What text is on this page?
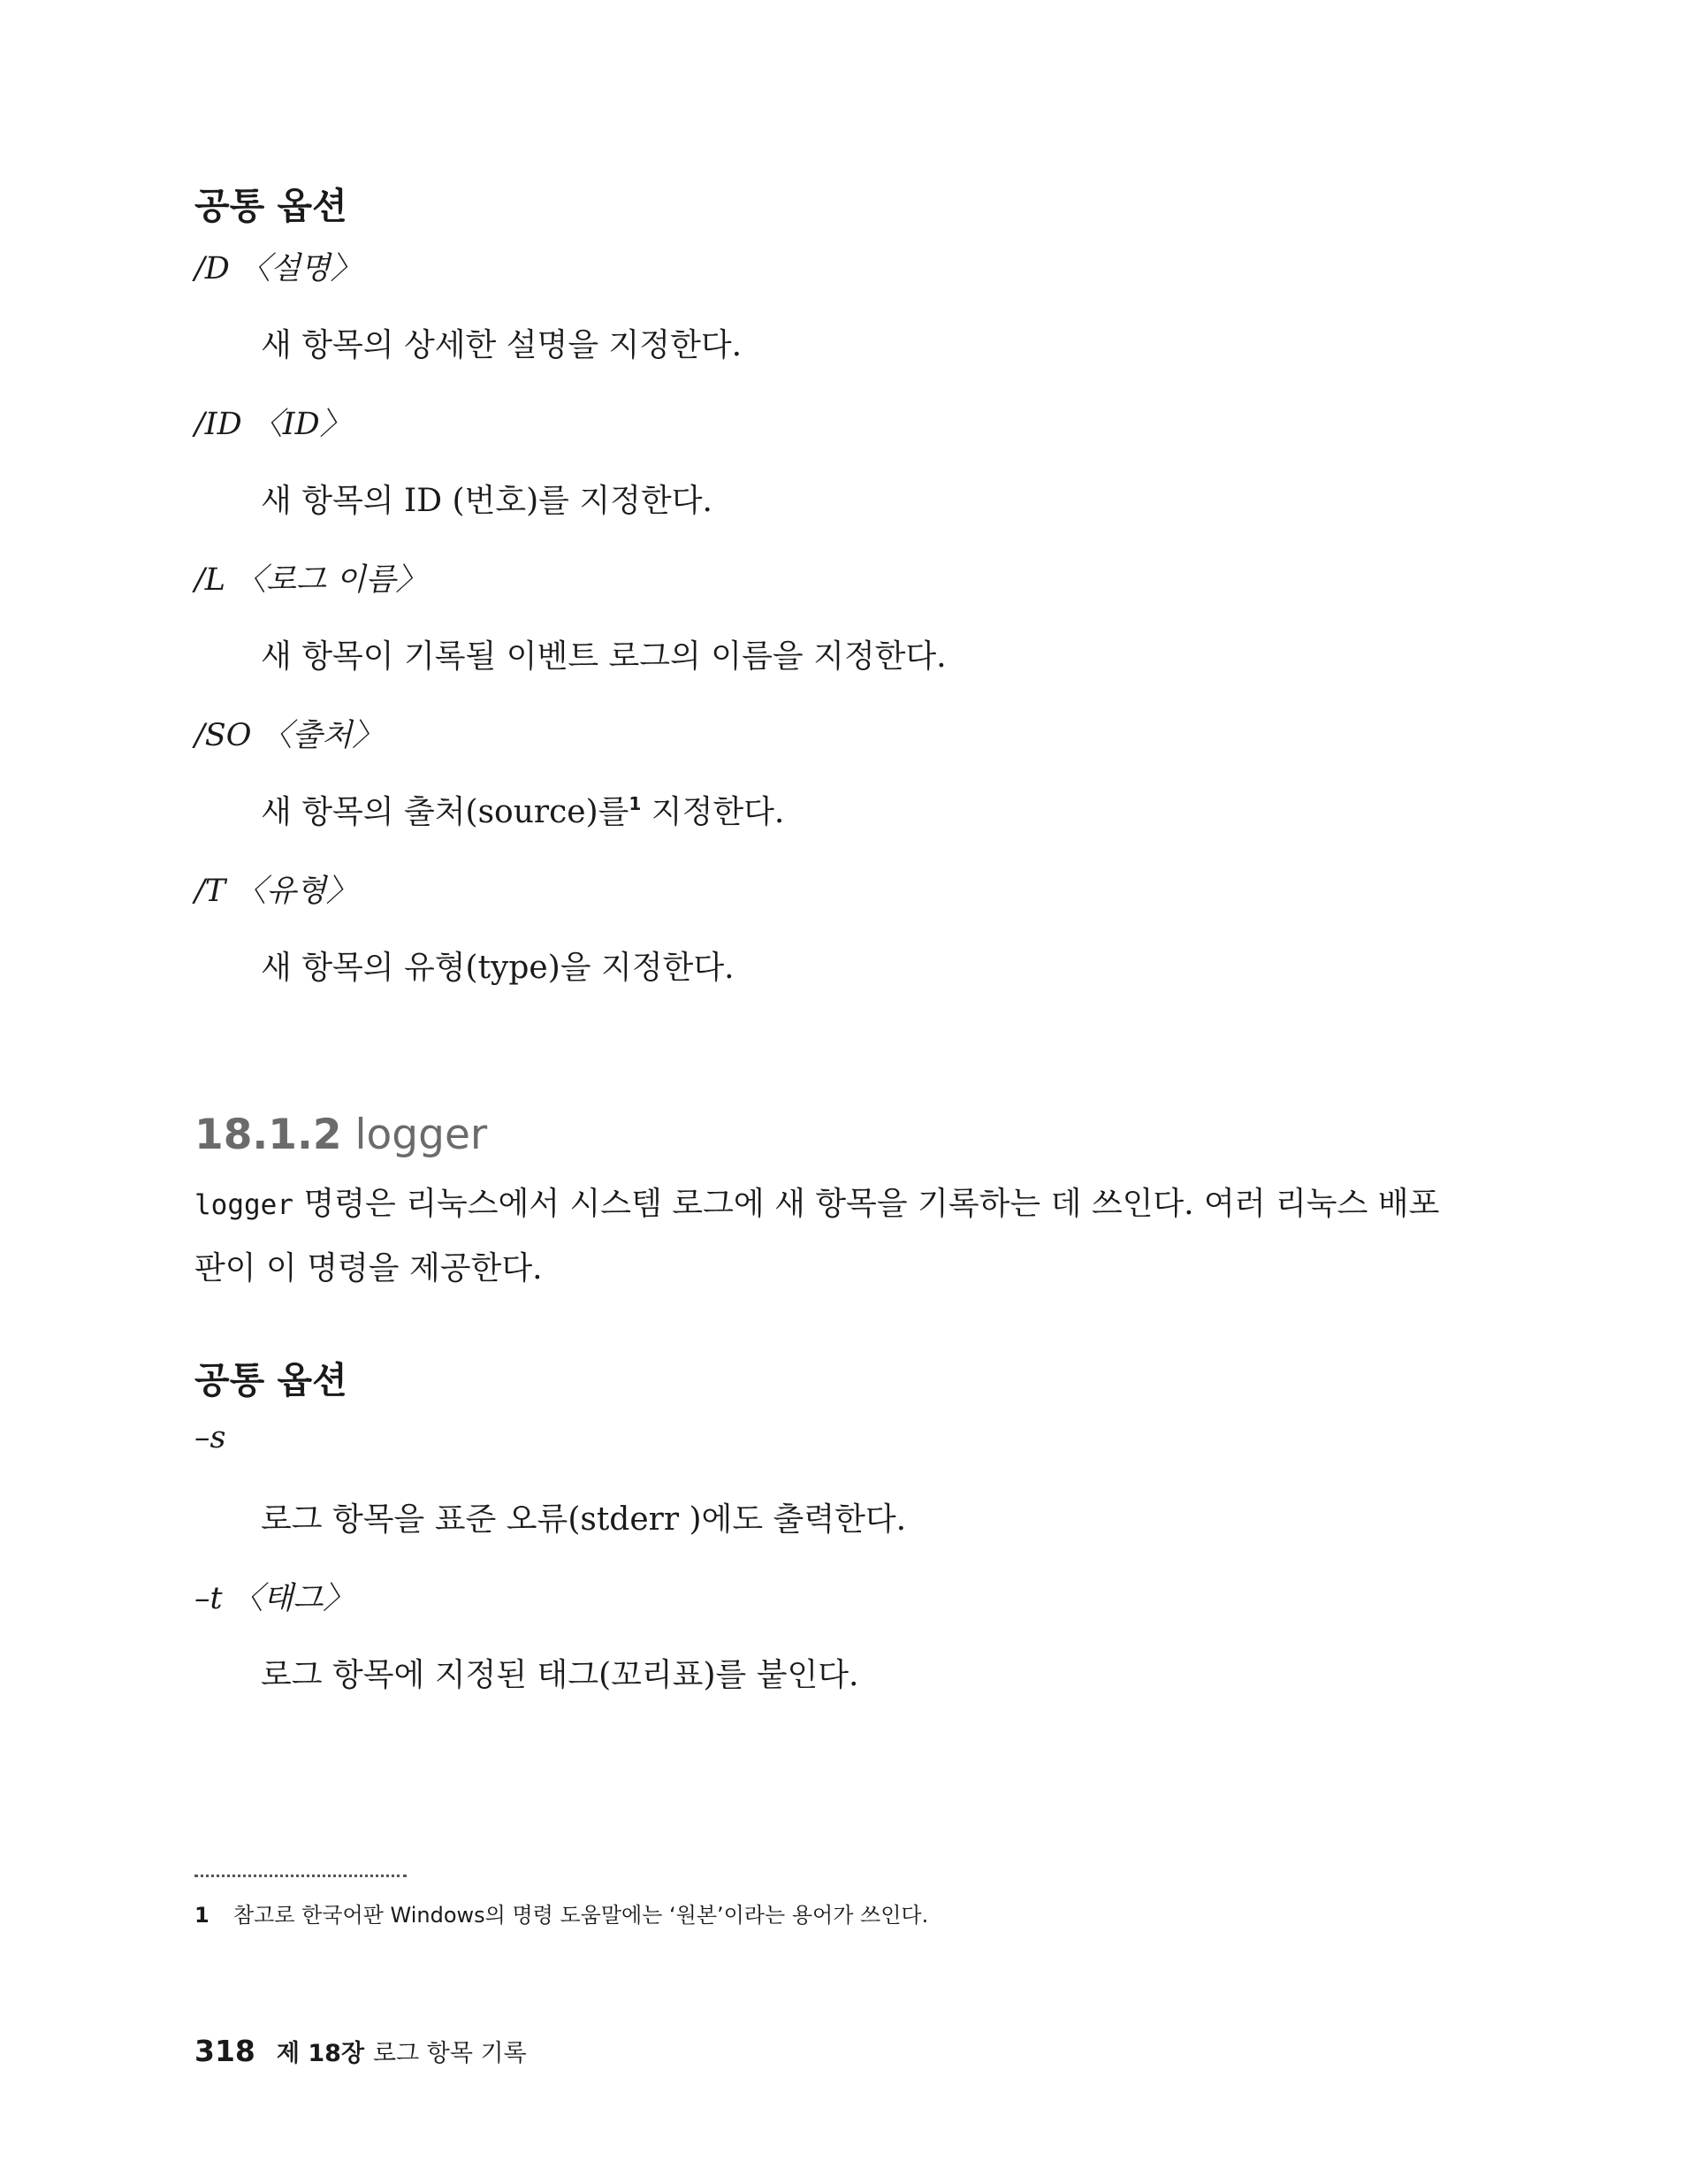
공통 옵션
/D 〈설명〉
새 항목의 상세한 설명을 지정한다.
/ID 〈ID〉
새 항목의 ID (번호)를 지정한다.
/L 〈로그 이름〉
새 항목이 기록될 이벤트 로그의 이름을 지정한다.
/SO 〈출처〉
새 항목의 출처(source)를$^1$ 지정한다.
/T 〈유형〉
새 항목의 유형(type)을 지정한다.
18.1.2 logger
logger 명령은 리눅스에서 시스템 로그에 새 항목을 기록하는 데 쓰인다. 여러 리눅스 배포판이 이 명령을 제공한다.
공통 옵션
–s
로그 항목을 표준 오류(stderr )에도 출력한다.
–t 〈태그〉
로그 항목에 지정된 태그(꼬리표)를 붙인다.
1 참고로 한국어판 Windows의 명령 도움말에는 ‘원본’이라는 용어가 쓰인다.
318 제 18장 로그 항목 기록
